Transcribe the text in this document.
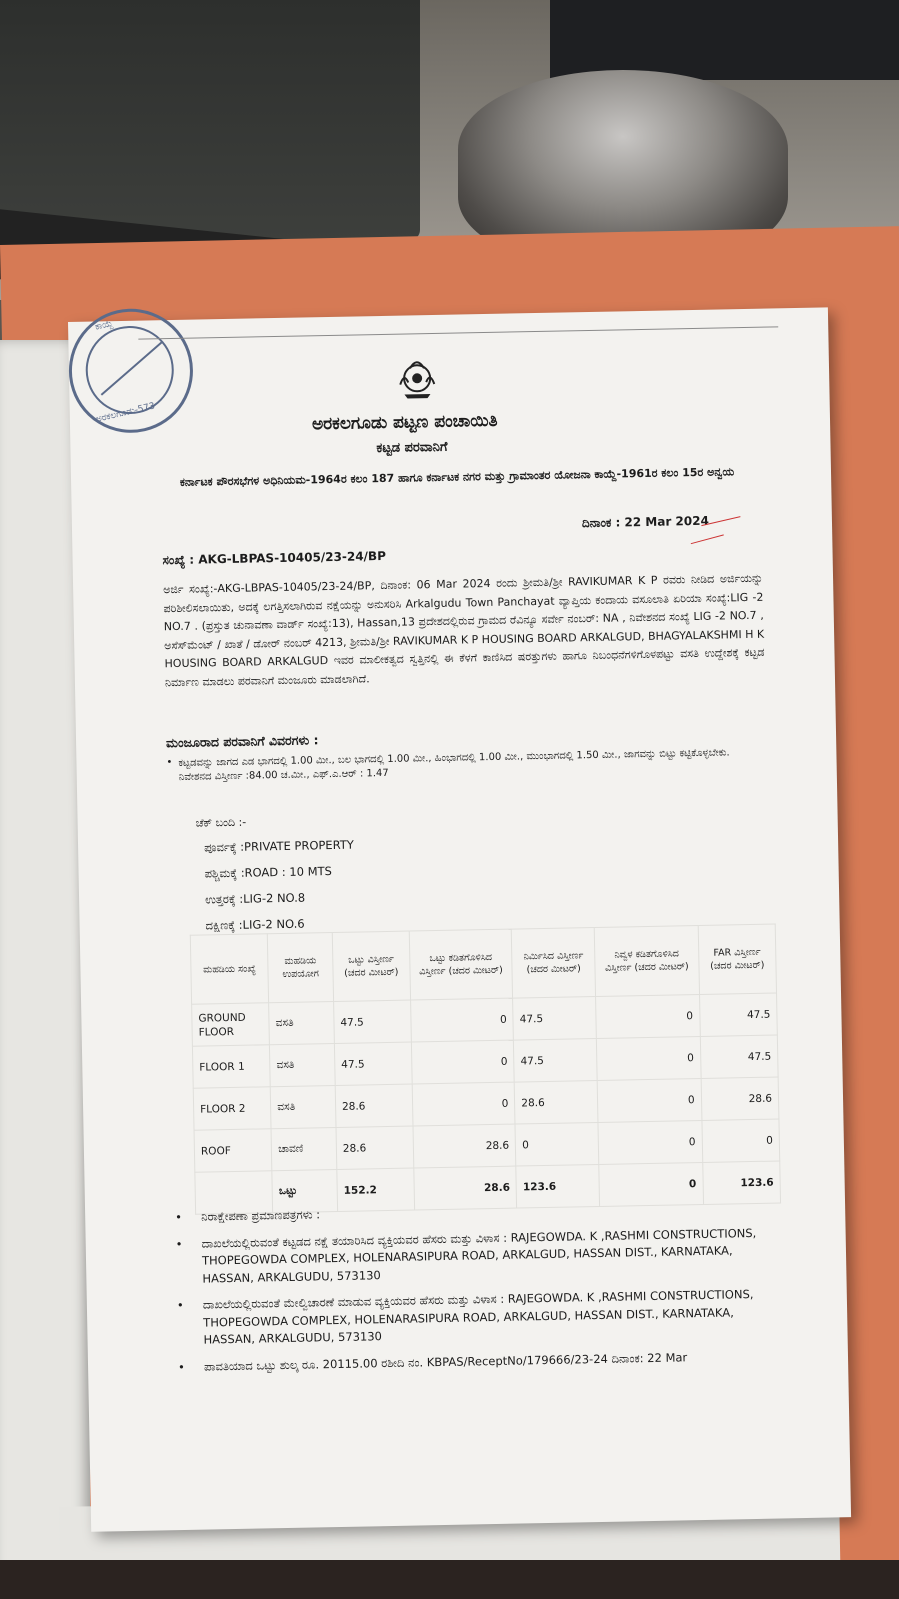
ಕಾಯ್ದೆ
ಅರಕಲಗೂಡು-573	ಅರಕಲಗೂಡು ಪಟ್ಟಣ ಪಂಚಾಯಿತಿ
ಕಟ್ಟಡ ಪರವಾನಿಗೆ
ಕರ್ನಾಟಕ ಪೌರಸಭೆಗಳ ಅಧಿನಿಯಮ-1964ರ ಕಲಂ 187 ಹಾಗೂ ಕರ್ನಾಟಕ ನಗರ ಮತ್ತು ಗ್ರಾಮಾಂತರ ಯೋಜನಾ ಕಾಯ್ದೆ-1961ರ ಕಲಂ 15ರ ಅನ್ವಯ
ದಿನಾಂಕ : 22 Mar 2024
ಸಂಖ್ಯೆ : AKG-LBPAS-10405/23-24/BP
ಅರ್ಜಿ ಸಂಖ್ಯೆ:-AKG-LBPAS-10405/23-24/BP, ದಿನಾಂಕ: 06 Mar 2024 ರಂದು ಶ್ರೀಮತಿ/ಶ್ರೀ RAVIKUMAR K P ರವರು ನೀಡಿದ ಅರ್ಜಿಯನ್ನು ಪರಿಶೀಲಿಸಲಾಯಿತು, ಅದಕ್ಕೆ ಲಗತ್ತಿಸಲಾಗಿರುವ ನಕ್ಷೆಯನ್ನು ಅನುಸರಿಸಿ Arkalgudu Town Panchayat ವ್ಯಾಪ್ತಿಯ ಕಂದಾಯ ವಸೂಲಾತಿ ಏರಿಯಾ ಸಂಖ್ಯೆ:LIG -2 NO.7 . (ಪ್ರಸ್ತುತ ಚುನಾವಣಾ ವಾರ್ಡ್ ಸಂಖ್ಯೆ:13), Hassan,13 ಪ್ರದೇಶದಲ್ಲಿರುವ ಗ್ರಾಮದ ರೆವಿನ್ಯೂ ಸರ್ವೇ ನಂಬರ್: NA , ನಿವೇಶನದ ಸಂಖ್ಯೆ LIG -2 NO.7 , ಅಸೆಸ್‌ಮೆಂಟ್ / ಖಾತೆ / ಡೋರ್ ನಂಬರ್ 4213, ಶ್ರೀಮತಿ/ಶ್ರೀ RAVIKUMAR K P HOUSING BOARD ARKALGUD, BHAGYALAKSHMI H K HOUSING BOARD ARKALGUD ಇವರ ಮಾಲೀಕತ್ವದ ಸ್ವತ್ತಿನಲ್ಲಿ ಈ ಕೆಳಗೆ ಕಾಣಿಸಿದ ಷರತ್ತುಗಳು ಹಾಗೂ ನಿಬಂಧನೆಗಳಿಗೊಳಪಟ್ಟು ವಸತಿ ಉದ್ದೇಶಕ್ಕೆ ಕಟ್ಟಡ ನಿರ್ಮಾಣ ಮಾಡಲು ಪರವಾನಿಗೆ ಮಂಜೂರು ಮಾಡಲಾಗಿದೆ.
ಮಂಜೂರಾದ ಪರವಾನಿಗೆ ವಿವರಗಳು :
• ಕಟ್ಟಡವನ್ನು ಜಾಗದ ಎಡ ಭಾಗದಲ್ಲಿ 1.00 ಮೀ., ಬಲ ಭಾಗದಲ್ಲಿ 1.00 ಮೀ., ಹಿಂಭಾಗದಲ್ಲಿ 1.00 ಮೀ., ಮುಂಭಾಗದಲ್ಲಿ 1.50 ಮೀ., ಜಾಗವನ್ನು ಬಿಟ್ಟು ಕಟ್ಟಿಕೊಳ್ಳಬೇಕು.
ನಿವೇಶನದ ವಿಸ್ತೀರ್ಣ :84.00 ಚ.ಮೀ., ಎಫ್.ಎ.ಆರ್ : 1.47
ಚೆಕ್ ಬಂದಿ :-
ಪೂರ್ವಕ್ಕೆ :PRIVATE PROPERTY
ಪಶ್ಚಿಮಕ್ಕೆ :ROAD : 10 MTS
ಉತ್ತರಕ್ಕೆ :LIG-2 NO.8
ದಕ್ಷಿಣಕ್ಕೆ :LIG-2 NO.6
ಮಹಡಿಯ ಸಂಖ್ಯೆ	ಮಹಡಿಯ ಉಪಯೋಗ	ಒಟ್ಟು ವಿಸ್ತೀರ್ಣ (ಚದರ ಮೀಟರ್)	ಒಟ್ಟು ಕಡಿತಗೊಳಿಸಿದ ವಿಸ್ತೀರ್ಣ (ಚದರ ಮೀಟರ್)	ನಿರ್ಮಿಸಿದ ವಿಸ್ತೀರ್ಣ (ಚದರ ಮೀಟರ್)	ನಿವ್ವಳ ಕಡಿತಗೊಳಿಸಿದ ವಿಸ್ತೀರ್ಣ (ಚದರ ಮೀಟರ್)	FAR ವಿಸ್ತೀರ್ಣ (ಚದರ ಮೀಟರ್)
GROUND FLOOR	ವಸತಿ	47.5	0	47.5	0	47.5
FLOOR 1	ವಸತಿ	47.5	0	47.5	0	47.5
FLOOR 2	ವಸತಿ	28.6	0	28.6	0	28.6
ROOF	ಚಾವಣಿ	28.6	28.6	0	0	0
	ಒಟ್ಟು	152.2	28.6	123.6	0	123.6
• ನಿರಾಕ್ಷೇಪಣಾ ಪ್ರಮಾಣಪತ್ರಗಳು :
• ದಾಖಲೆಯಲ್ಲಿರುವಂತೆ ಕಟ್ಟಡದ ನಕ್ಷೆ ತಯಾರಿಸಿದ ವ್ಯಕ್ತಿಯವರ ಹೆಸರು ಮತ್ತು ವಿಳಾಸ : RAJEGOWDA. K ,RASHMI CONSTRUCTIONS, THOPEGOWDA COMPLEX, HOLENARASIPURA ROAD, ARKALGUD, HASSAN DIST., KARNATAKA, HASSAN, ARKALGUDU, 573130
• ದಾಖಲೆಯಲ್ಲಿರುವಂತೆ ಮೇಲ್ವಿಚಾರಣೆ ಮಾಡುವ ವ್ಯಕ್ತಿಯವರ ಹೆಸರು ಮತ್ತು ವಿಳಾಸ : RAJEGOWDA. K ,RASHMI CONSTRUCTIONS, THOPEGOWDA COMPLEX, HOLENARASIPURA ROAD, ARKALGUD, HASSAN DIST., KARNATAKA, HASSAN, ARKALGUDU, 573130
• ಪಾವತಿಯಾದ ಒಟ್ಟು ಶುಲ್ಕ ರೂ. 20115.00 ರಶೀದಿ ನಂ. KBPAS/ReceptNo/179666/23-24 ದಿನಾಂಕ: 22 Mar
